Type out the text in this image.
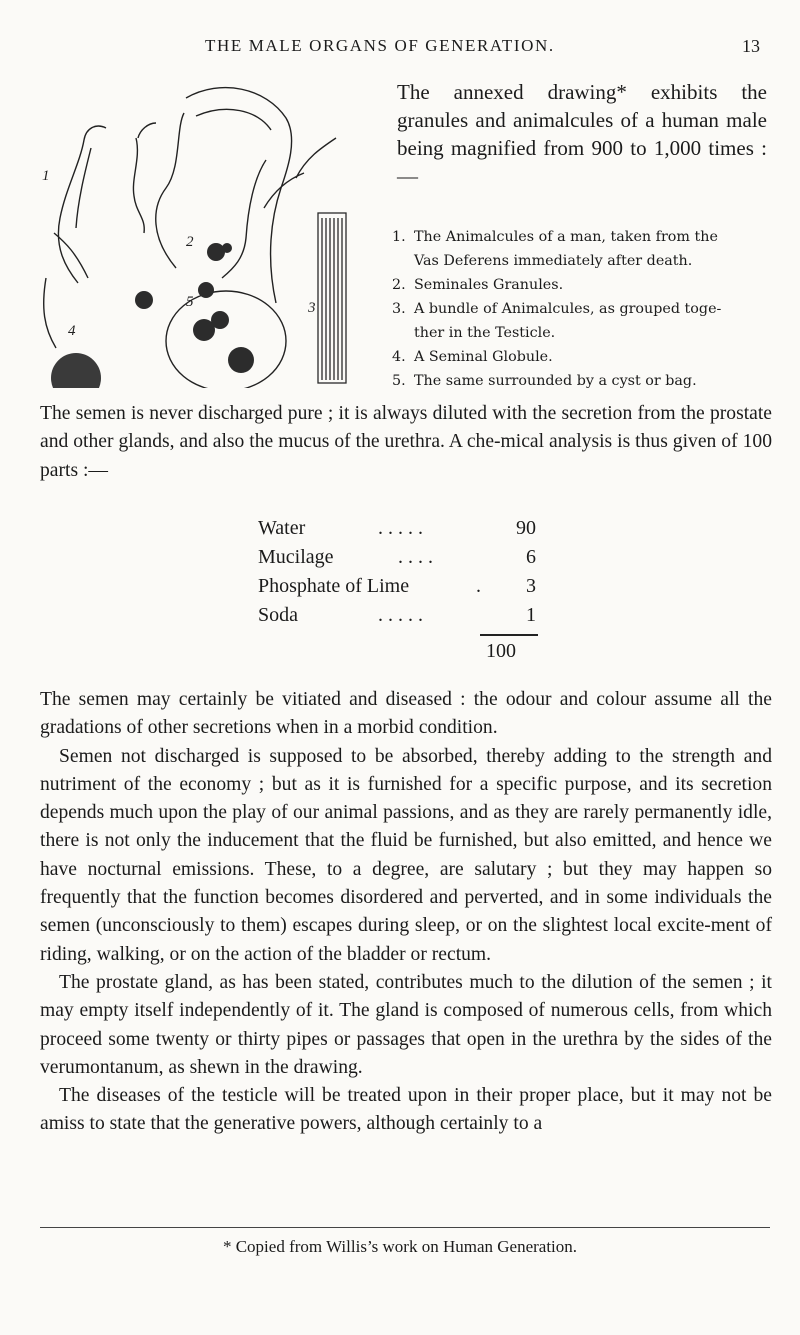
THE MALE ORGANS OF GENERATION.	13
1
2
3
4
5
The annexed drawing* exhibits the granules and animalcules of a human male being magnified from 900 to 1,000 times :—
1. The Animalcules of a man, taken from the
Vas Deferens immediately after death.
2. Seminales Granules.
3. A bundle of Animalcules, as grouped toge-
ther in the Testicle.
4. A Seminal Globule.
5. The same surrounded by a cyst or bag.

The semen is never discharged pure ; it is always diluted with the secretion from the prostate and other glands, and also the mucus of the urethra. A che-mical analysis is thus given of 100 parts :—

Water	. . . . .	90
Mucilage	. . . .	6
Phosphate of Lime	.	3
Soda	. . . . .	1
100

The semen may certainly be vitiated and diseased : the odour and colour assume all the gradations of other secretions when in a morbid condition.

Semen not discharged is supposed to be absorbed, thereby adding to the strength and nutriment of the economy ; but as it is furnished for a specific purpose, and its secretion depends much upon the play of our animal passions, and as they are rarely permanently idle, there is not only the inducement that the fluid be furnished, but also emitted, and hence we have nocturnal emissions. These, to a degree, are salutary ; but they may happen so frequently that the function becomes disordered and perverted, and in some individuals the semen (unconsciously to them) escapes during sleep, or on the slightest local excite-ment of riding, walking, or on the action of the bladder or rectum.

The prostate gland, as has been stated, contributes much to the dilution of the semen ; it may empty itself independently of it. The gland is composed of numerous cells, from which proceed some twenty or thirty pipes or passages that open in the urethra by the sides of the verumontanum, as shewn in the drawing.

The diseases of the testicle will be treated upon in their proper place, but it may not be amiss to state that the generative powers, although certainly to a

* Copied from Willis’s work on Human Generation.
